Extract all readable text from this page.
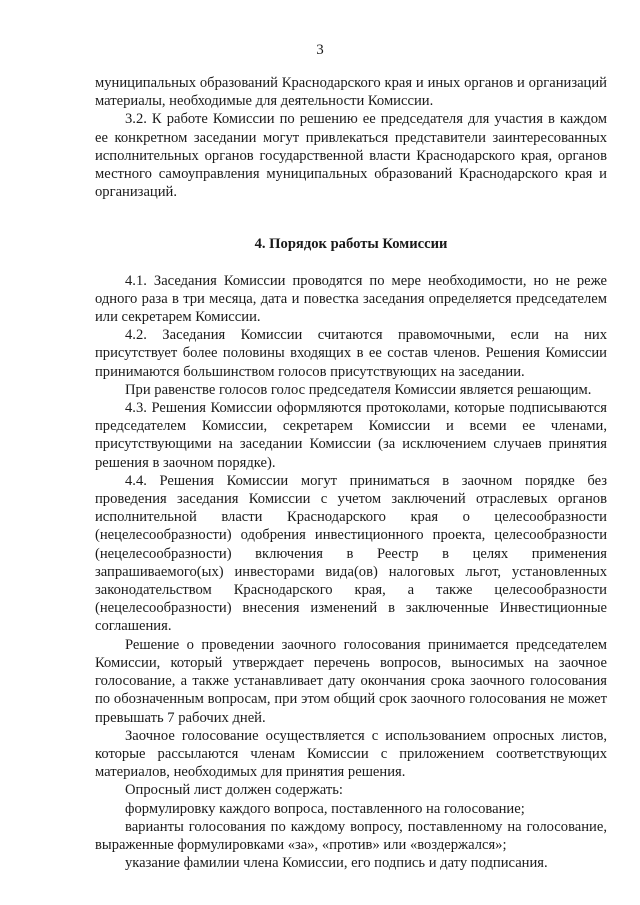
3

муниципальных образований Краснодарского края и иных органов и организаций материалы, необходимые для деятельности Комиссии.

3.2. К работе Комиссии по решению ее председателя для участия в каждом ее конкретном заседании могут привлекаться представители заинтересованных исполнительных органов государственной власти Краснодарского края, органов местного самоуправления муниципальных образований Краснодарского края и организаций.

4. Порядок работы Комиссии

4.1. Заседания Комиссии проводятся по мере необходимости, но не реже одного раза в три месяца, дата и повестка заседания определяется председателем или секретарем Комиссии.

4.2. Заседания Комиссии считаются правомочными, если на них присутствует более половины входящих в ее состав членов. Решения Комиссии принимаются большинством голосов присутствующих на заседании.

При равенстве голосов голос председателя Комиссии является решающим.

4.3. Решения Комиссии оформляются протоколами, которые подписываются председателем Комиссии, секретарем Комиссии и всеми ее членами, присутствующими на заседании Комиссии (за исключением случаев принятия решения в заочном порядке).

4.4. Решения Комиссии могут приниматься в заочном порядке без проведения заседания Комиссии с учетом заключений отраслевых органов исполнительной власти Краснодарского края о целесообразности (нецелесообразности) одобрения инвестиционного проекта, целесообразности (нецелесообразности) включения в Реестр в целях применения запрашиваемого(ых) инвесторами вида(ов) налоговых льгот, установленных законодательством Краснодарского края, а также целесообразности (нецелесообразности) внесения изменений в заключенные Инвестиционные соглашения.

Решение о проведении заочного голосования принимается председателем Комиссии, который утверждает перечень вопросов, выносимых на заочное голосование, а также устанавливает дату окончания срока заочного голосования по обозначенным вопросам, при этом общий срок заочного голосования не может превышать 7 рабочих дней.

Заочное голосование осуществляется с использованием опросных листов, которые рассылаются членам Комиссии с приложением соответствующих материалов, необходимых для принятия решения.

Опросный лист должен содержать:

формулировку каждого вопроса, поставленного на голосование;

варианты голосования по каждому вопросу, поставленному на голосование, выраженные формулировками «за», «против» или «воздержался»;

указание фамилии члена Комиссии, его подпись и дату подписания.
